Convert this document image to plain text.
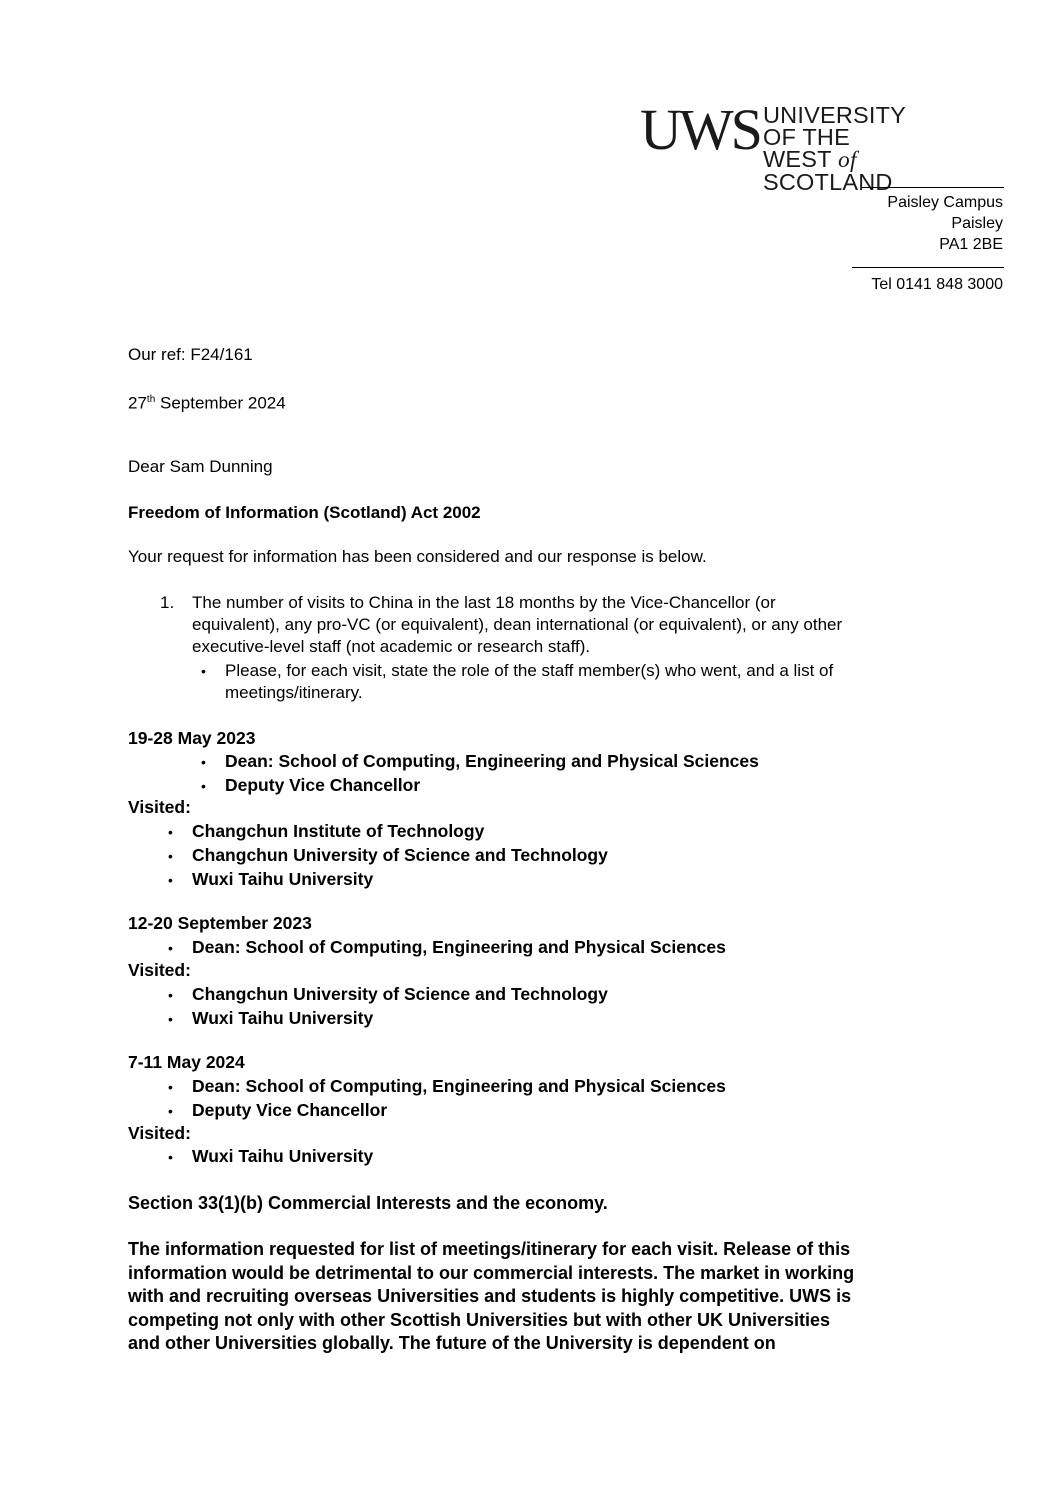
UWS UNIVERSITY OF THE
WEST of SCOTLAND
Paisley Campus
Paisley
PA1 2BE
Tel 0141 848 3000
Our ref: F24/161
27th September 2024
Dear Sam Dunning
Freedom of Information (Scotland) Act 2002
Your request for information has been considered and our response is below.
1. The number of visits to China in the last 18 months by the Vice-Chancellor (or
equivalent), any pro-VC (or equivalent), dean international (or equivalent), or any other
executive-level staff (not academic or research staff).
• Please, for each visit, state the role of the staff member(s) who went, and a list of
meetings/itinerary.
19-28 May 2023
• Dean: School of Computing, Engineering and Physical Sciences
• Deputy Vice Chancellor
Visited:
• Changchun Institute of Technology
• Changchun University of Science and Technology
• Wuxi Taihu University
12-20 September 2023
• Dean: School of Computing, Engineering and Physical Sciences
Visited:
• Changchun University of Science and Technology
• Wuxi Taihu University
7-11 May 2024
• Dean: School of Computing, Engineering and Physical Sciences
• Deputy Vice Chancellor
Visited:
• Wuxi Taihu University
Section 33(1)(b) Commercial Interests and the economy.
The information requested for list of meetings/itinerary for each visit. Release of this
information would be detrimental to our commercial interests. The market in working
with and recruiting overseas Universities and students is highly competitive. UWS is
competing not only with other Scottish Universities but with other UK Universities
and other Universities globally. The future of the University is dependent on
